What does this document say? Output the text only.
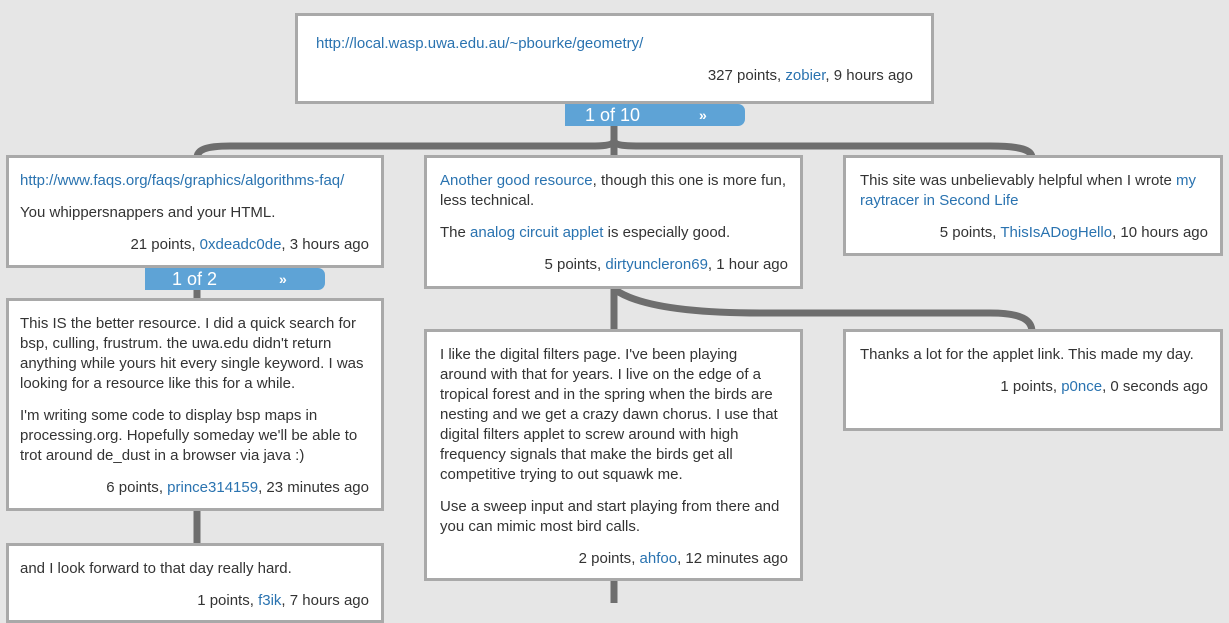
http://local.wasp.uwa.edu.au/~pbourke/geometry/

327 points, zobier, 9 hours ago
1 of 10	»

http://www.faqs.org/faqs/graphics/algorithms-faq/

You whippersnappers and your HTML.

21 points, 0xdeadc0de, 3 hours ago
1 of 2	»

This IS the better resource. I did a quick search for bsp, culling, frustrum. the uwa.edu didn't return anything while yours hit every single keyword. I was looking for a resource like this for a while.

I'm writing some code to display bsp maps in processing.org. Hopefully someday we'll be able to trot around de_dust in a browser via java :)

6 points, prince314159, 23 minutes ago

and I look forward to that day really hard.

1 points, f3ik, 7 hours ago

Another good resource, though this one is more fun, less technical.

The analog circuit applet is especially good.

5 points, dirtyuncleron69, 1 hour ago

I like the digital filters page. I've been playing around with that for years. I live on the edge of a tropical forest and in the spring when the birds are nesting and we get a crazy dawn chorus. I use that digital filters applet to screw around with high frequency signals that make the birds get all competitive trying to out squawk me.

Use a sweep input and start playing from there and you can mimic most bird calls.

2 points, ahfoo, 12 minutes ago

This site was unbelievably helpful when I wrote my raytracer in Second Life

5 points, ThisIsADogHello, 10 hours ago

Thanks a lot for the applet link. This made my day.

1 points, p0nce, 0 seconds ago
